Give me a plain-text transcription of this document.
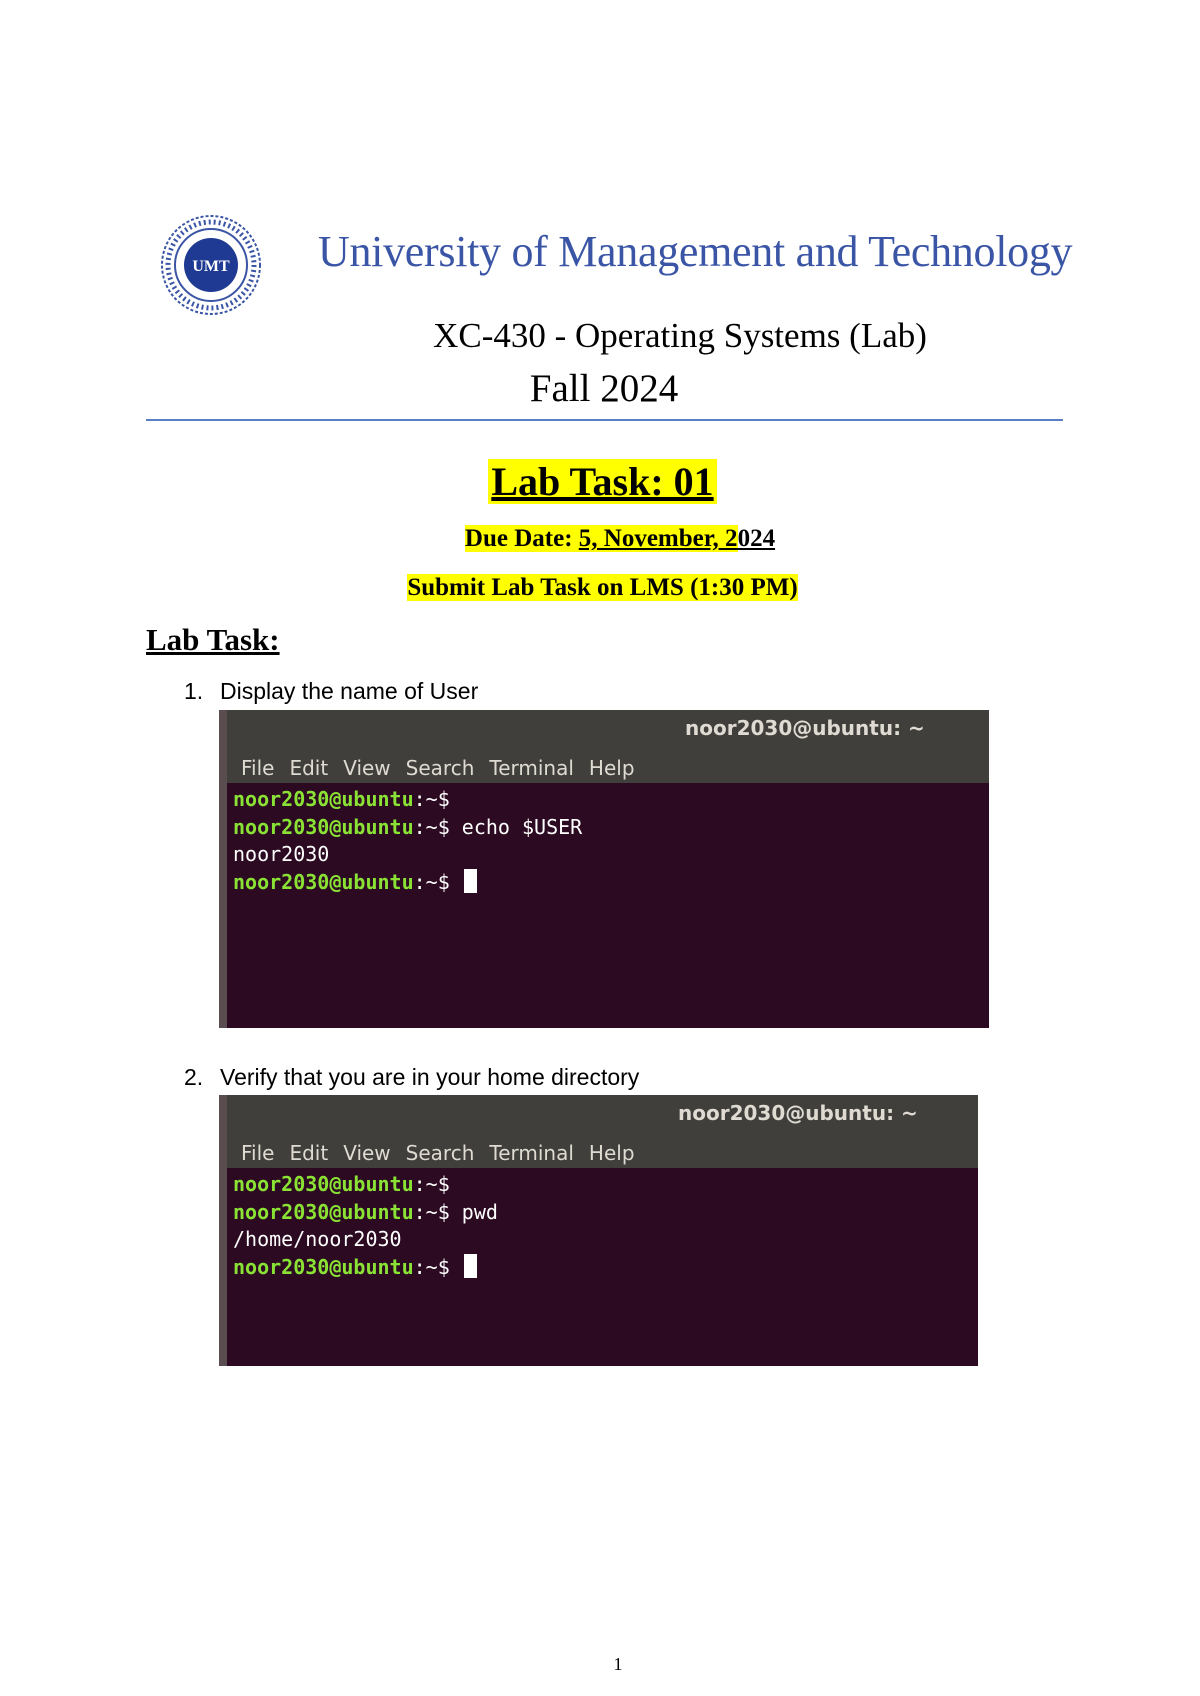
UMT University of Management and Technology
XC-430 - Operating Systems (Lab)
Fall 2024
Lab Task: 01
Due Date: 5, November, 2024
Submit Lab Task on LMS (1:30 PM)
Lab Task:
1. Display the name of User
noor2030@ubuntu: ~
File Edit View Search Terminal Help
noor2030@ubuntu:~$
noor2030@ubuntu:~$ echo $USER
noor2030
noor2030@ubuntu:~$
2. Verify that you are in your home directory
noor2030@ubuntu: ~
File Edit View Search Terminal Help
noor2030@ubuntu:~$
noor2030@ubuntu:~$ pwd
/home/noor2030
noor2030@ubuntu:~$
1
